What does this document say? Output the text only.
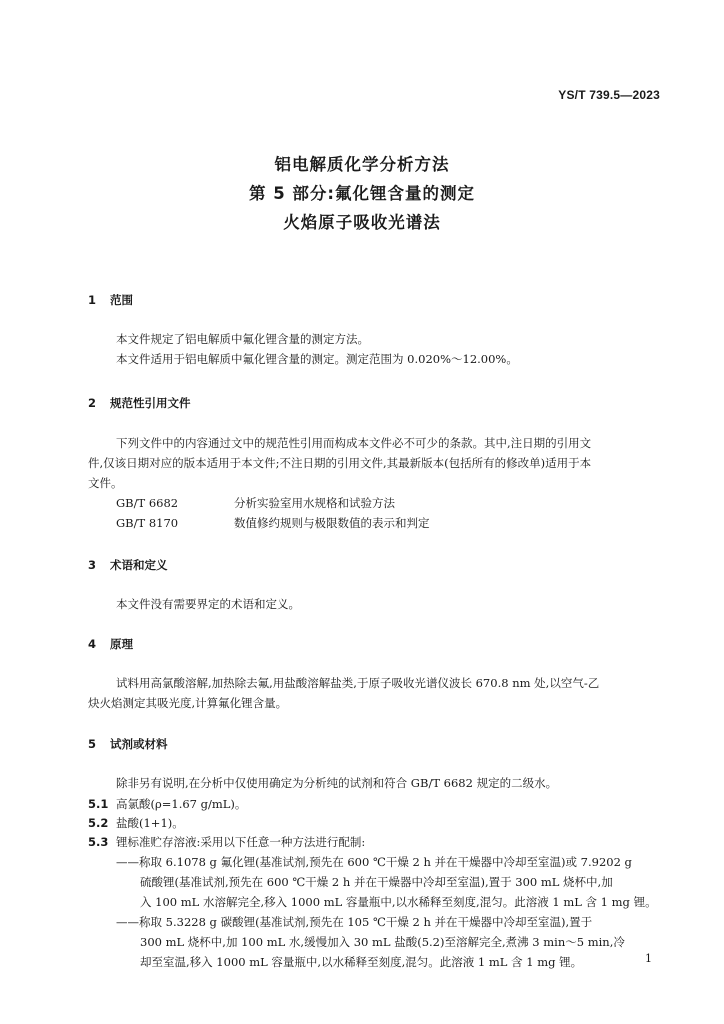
YS/T 739.5—2023
铝电解质化学分析方法
第 5 部分:氟化锂含量的测定
火焰原子吸收光谱法
1 范围
本文件规定了铝电解质中氟化锂含量的测定方法。
本文件适用于铝电解质中氟化锂含量的测定。测定范围为 0.020%～12.00%。
2 规范性引用文件
下列文件中的内容通过文中的规范性引用而构成本文件必不可少的条款。其中,注日期的引用文
件,仅该日期对应的版本适用于本文件;不注日期的引用文件,其最新版本(包括所有的修改单)适用于本
文件。
GB/T 6682	分析实验室用水规格和试验方法
GB/T 8170	数值修约规则与极限数值的表示和判定
3 术语和定义
本文件没有需要界定的术语和定义。
4 原理
试料用高氯酸溶解,加热除去氟,用盐酸溶解盐类,于原子吸收光谱仪波长 670.8 nm 处,以空气-乙
炔火焰测定其吸光度,计算氟化锂含量。
5 试剂或材料
除非另有说明,在分析中仅使用确定为分析纯的试剂和符合 GB/T 6682 规定的二级水。
5.1 高氯酸(ρ=1.67 g/mL)。
5.2 盐酸(1+1)。
5.3 锂标准贮存溶液:采用以下任意一种方法进行配制:
——称取 6.1078 g 氟化锂(基准试剂,预先在 600 ℃干燥 2 h 并在干燥器中冷却至室温)或 7.9202 g
硫酸锂(基准试剂,预先在 600 ℃干燥 2 h 并在干燥器中冷却至室温),置于 300 mL 烧杯中,加
入 100 mL 水溶解完全,移入 1000 mL 容量瓶中,以水稀释至刻度,混匀。此溶液 1 mL 含 1 mg 锂。
——称取 5.3228 g 碳酸锂(基准试剂,预先在 105 ℃干燥 2 h 并在干燥器中冷却至室温),置于
300 mL 烧杯中,加 100 mL 水,缓慢加入 30 mL 盐酸(5.2)至溶解完全,煮沸 3 min～5 min,冷
却至室温,移入 1000 mL 容量瓶中,以水稀释至刻度,混匀。此溶液 1 mL 含 1 mg 锂。	1
